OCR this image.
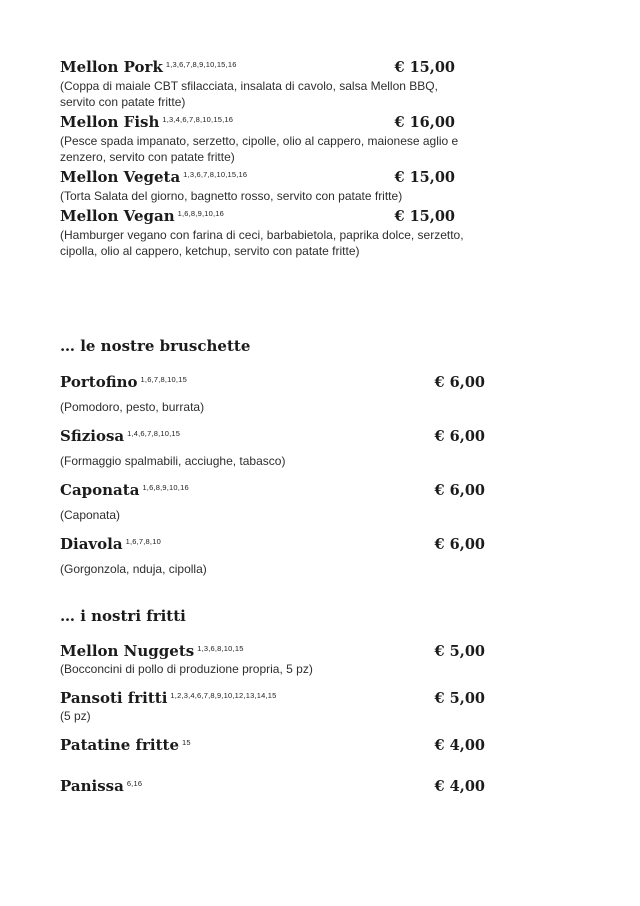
Mellon Pork $^{1,3,6,7,8,9,10,15,16}$	€ 15,00
(Coppa di maiale CBT sfilacciata, insalata di cavolo, salsa Mellon BBQ, servito con patate fritte)
Mellon Fish $^{1,3,4,6,7,8,10,15,16}$	€ 16,00
(Pesce spada impanato, serzetto, cipolle, olio al cappero, maionese aglio e zenzero, servito con patate fritte)
Mellon Vegeta $^{1,3,6,7,8,10,15,16}$	€ 15,00
(Torta Salata del giorno, bagnetto rosso, servito con patate fritte)
Mellon Vegan $^{1,6,8,9,10,16}$	€ 15,00
(Hamburger vegano con farina di ceci, barbabietola, paprika dolce, serzetto, cipolla, olio al cappero, ketchup, servito con patate fritte)
… le nostre bruschette
Portofino $^{1,6,7,8,10,15}$	€ 6,00
(Pomodoro, pesto, burrata)
Sfiziosa $^{1,4,6,7,8,10,15}$	€ 6,00
(Formaggio spalmabili, acciughe, tabasco)
Caponata $^{1,6,8,9,10,16}$	€ 6,00
(Caponata)
Diavola $^{1,6,7,8,10}$	€ 6,00
(Gorgonzola, nduja, cipolla)
… i nostri fritti
Mellon Nuggets $^{1,3,6,8,10,15}$	€ 5,00
(Bocconcini di pollo di produzione propria, 5 pz)
Pansoti fritti $^{1,2,3,4,6,7,8,9,10,12,13,14,15}$	€ 5,00
(5 pz)
Patatine fritte $^{15}$	€ 4,00
Panissa $^{6,16}$	€ 4,00
